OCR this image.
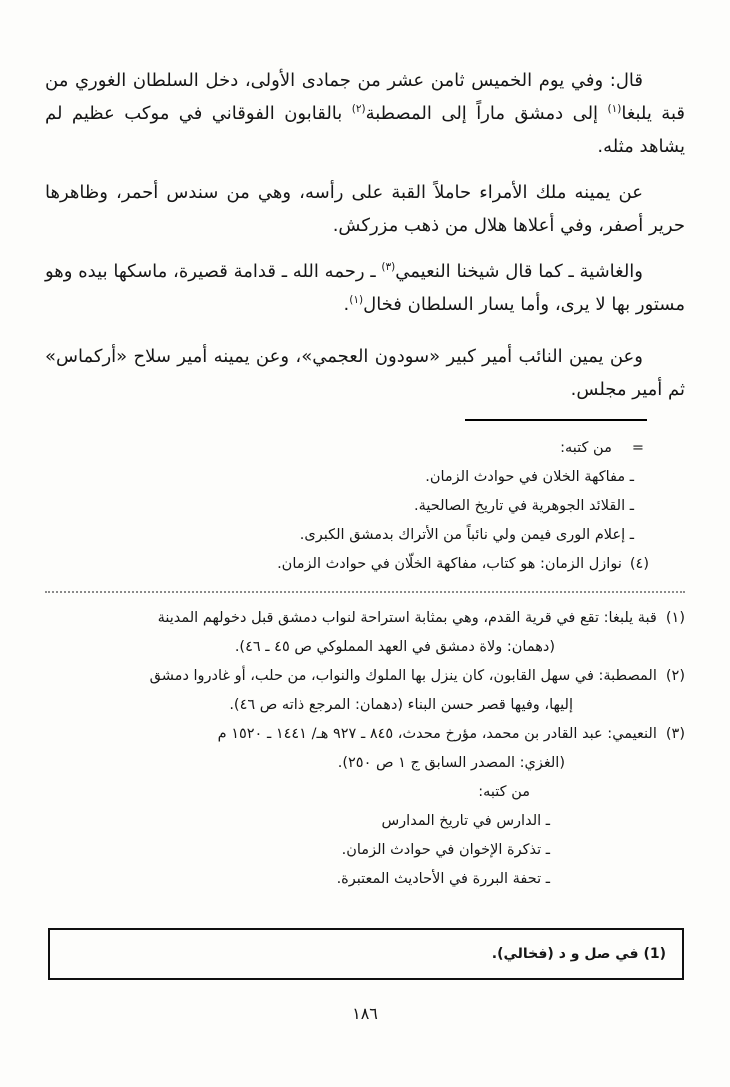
قال: وفي يوم الخميس ثامن عشر من جمادى الأولى، دخل السلطان الغوري من قبة يلبغا$^{(١)}$ إلى دمشق ماراً إلى المصطبة$^{(٢)}$ بالقابون الفوقاني في موكب عظيم لم يشاهد مثله.

عن يمينه ملك الأمراء حاملاً القبة على رأسه، وهي من سندس أحمر، وظاهرها حرير أصفر، وفي أعلاها هلال من ذهب مزركش.

والغاشية ـ كما قال شيخنا النعيمي$^{(٣)}$ ـ رحمه الله ـ قدامة قصيرة، ماسكها بيده وهو مستور بها لا يرى، وأما يسار السلطان فخال$^{(١)}$.

وعن يمين النائب أمير كبير «سودون العجمي»، وعن يمينه أمير سلاح «أركماس» ثم أمير مجلس.

=
من كتبه:
ـ مفاكهة الخلان في حوادث الزمان.
ـ القلائد الجوهرية في تاريخ الصالحية.
ـ إعلام الورى فيمن ولي نائباً من الأتراك بدمشق الكبرى.
(٤)
نوازل الزمان: هو كتاب، مفاكهة الخلّان في حوادث الزمان.
(١)
قبة يلبغا: تقع في قرية القدم، وهي بمثابة استراحة لنواب دمشق قبل دخولهم المدينة
(دهمان: ولاة دمشق في العهد المملوكي ص ٤٥ ـ ٤٦).
(٢)
المصطبة: في سهل القابون، كان ينزل بها الملوك والنواب، من حلب، أو غادروا دمشق
إليها، وفيها قصر حسن البناء (دهمان: المرجع ذاته ص ٤٦).
(٣)
النعيمي: عبد القادر بن محمد، مؤرخ محدث، ٨٤٥ ـ ٩٢٧ هـ/ ١٤٤١ ـ ١٥٢٠ م
(الغزي: المصدر السابق ج ١ ص ٢٥٠).
من كتبه:
ـ الدارس في تاريخ المدارس
ـ تذكرة الإخوان في حوادث الزمان.
ـ تحفة البررة في الأحاديث المعتبرة.
(1) في صل و د (فخالي).
١٨٦
